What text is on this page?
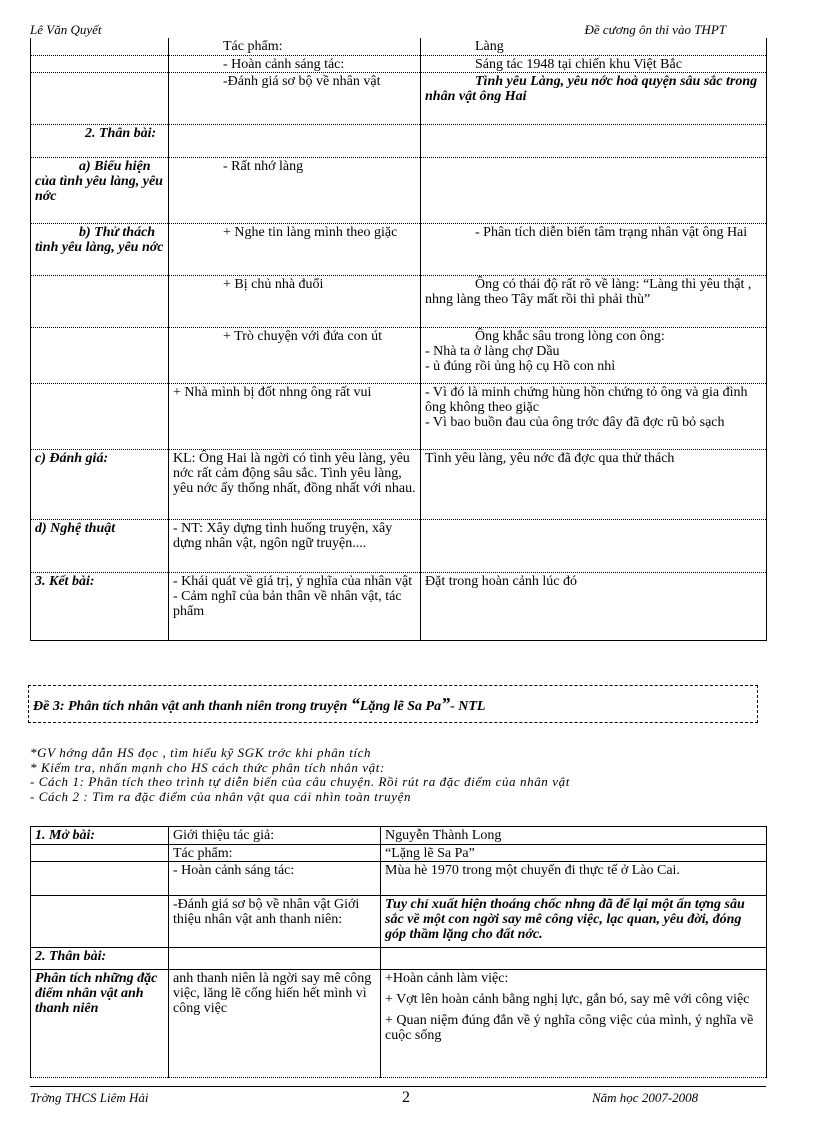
Lê Văn Quyết	Đề cương ôn thi vào THPT
	Tác phẩm:	Làng
	- Hoàn cảnh sáng tác:	Sáng tác 1948 tại chiến khu Việt Bắc
	-Đánh giá sơ bộ về nhân vật	Tình yêu Làng, yêu nớc hoà quyện sâu sắc trong nhân vật ông Hai
2. Thân bài:		
a) Biểu hiện của tình yêu làng, yêu nớc	- Rất nhớ làng	
b) Thử thách tình yêu làng, yêu nớc	+ Nghe tin làng mình theo giặc	- Phân tích diễn biến tâm trạng nhân vật ông Hai
	+ Bị chủ nhà đuổi	Ông có thái độ rất rõ về làng: “Làng thì yêu thật , nhng làng theo Tây mất rồi thì phải thù”
	+ Trò chuyện với đứa con út	Ông khắc sâu trong lòng con ông:
- Nhà ta ở làng chợ Dầu
- ủ đúng rồi ủng hộ cụ Hồ con nhỉ

	+ Nhà mình bị đốt nhng ông rất vui	- Vì đó là minh chứng hùng hồn chứng tỏ ông và gia đình ông không theo giặc
- Vì bao buồn đau của ông trớc đây đã đợc rũ bỏ sạch

c) Đánh giá:	KL: Ông Hai là ngời có tình yêu làng, yêu nớc rất cảm động sâu sắc. Tình yêu làng, yêu nớc ấy thống nhất, đồng nhất với nhau.	Tình yêu làng, yêu nớc đã đợc qua thử thách
d) Nghệ thuật	- NT: Xây dựng tình huống truyện, xây dựng nhân vật, ngôn ngữ truyện....	
3. Kết bài:	- Khái quát về giá trị, ý nghĩa của nhân vật
- Cảm nghĩ của bản thân về nhân vật, tác phẩm	Đặt trong hoàn cảnh lúc đó
Đề 3: Phân tích nhân vật anh thanh niên trong truyện “Lặng lẽ Sa Pa”- NTL
*GV hớng dẫn HS đọc , tìm hiểu kỹ SGK trớc khi phân tích
* Kiểm tra, nhấn mạnh cho HS cách thức phân tích nhân vật:
- Cách 1: Phân tích theo trình tự diễn biến của câu chuyện. Rồi rút ra đặc điểm của nhân vật
- Cách 2 : Tìm ra đặc điểm của nhân vật qua cái nhìn toàn truyện
1. Mở bài:	Giới thiệu tác giả:	Nguyễn Thành Long
	Tác phẩm:	“Lặng lẽ Sa Pa”
	- Hoàn cảnh sáng tác:	Mùa hè 1970 trong một chuyến đi thực tế ở Lào Cai.
	-Đánh giá sơ bộ về nhân vật Giới thiệu nhân vật anh thanh niên:	Tuy chỉ xuất hiện thoáng chốc nhng đã để lại một ấn tợng sâu sắc về một con ngời say mê công việc, lạc quan, yêu đời, đóng góp thầm lặng cho đất nớc.
2. Thân bài:		
Phân tích những đặc điểm nhân vật anh thanh niên	anh thanh niên là ngời say mê công việc, lăng lẽ cống hiến hết mình vì công việc	+Hoàn cảnh làm việc:
+ Vợt lên hoàn cảnh bằng nghị lực, gắn bó, say mê với công việc
+ Quan niệm đúng đắn về ý nghĩa công việc của mình, ý nghĩa về cuộc sống
Trờng THCS Liêm Hải	2	Năm học 2007-2008
